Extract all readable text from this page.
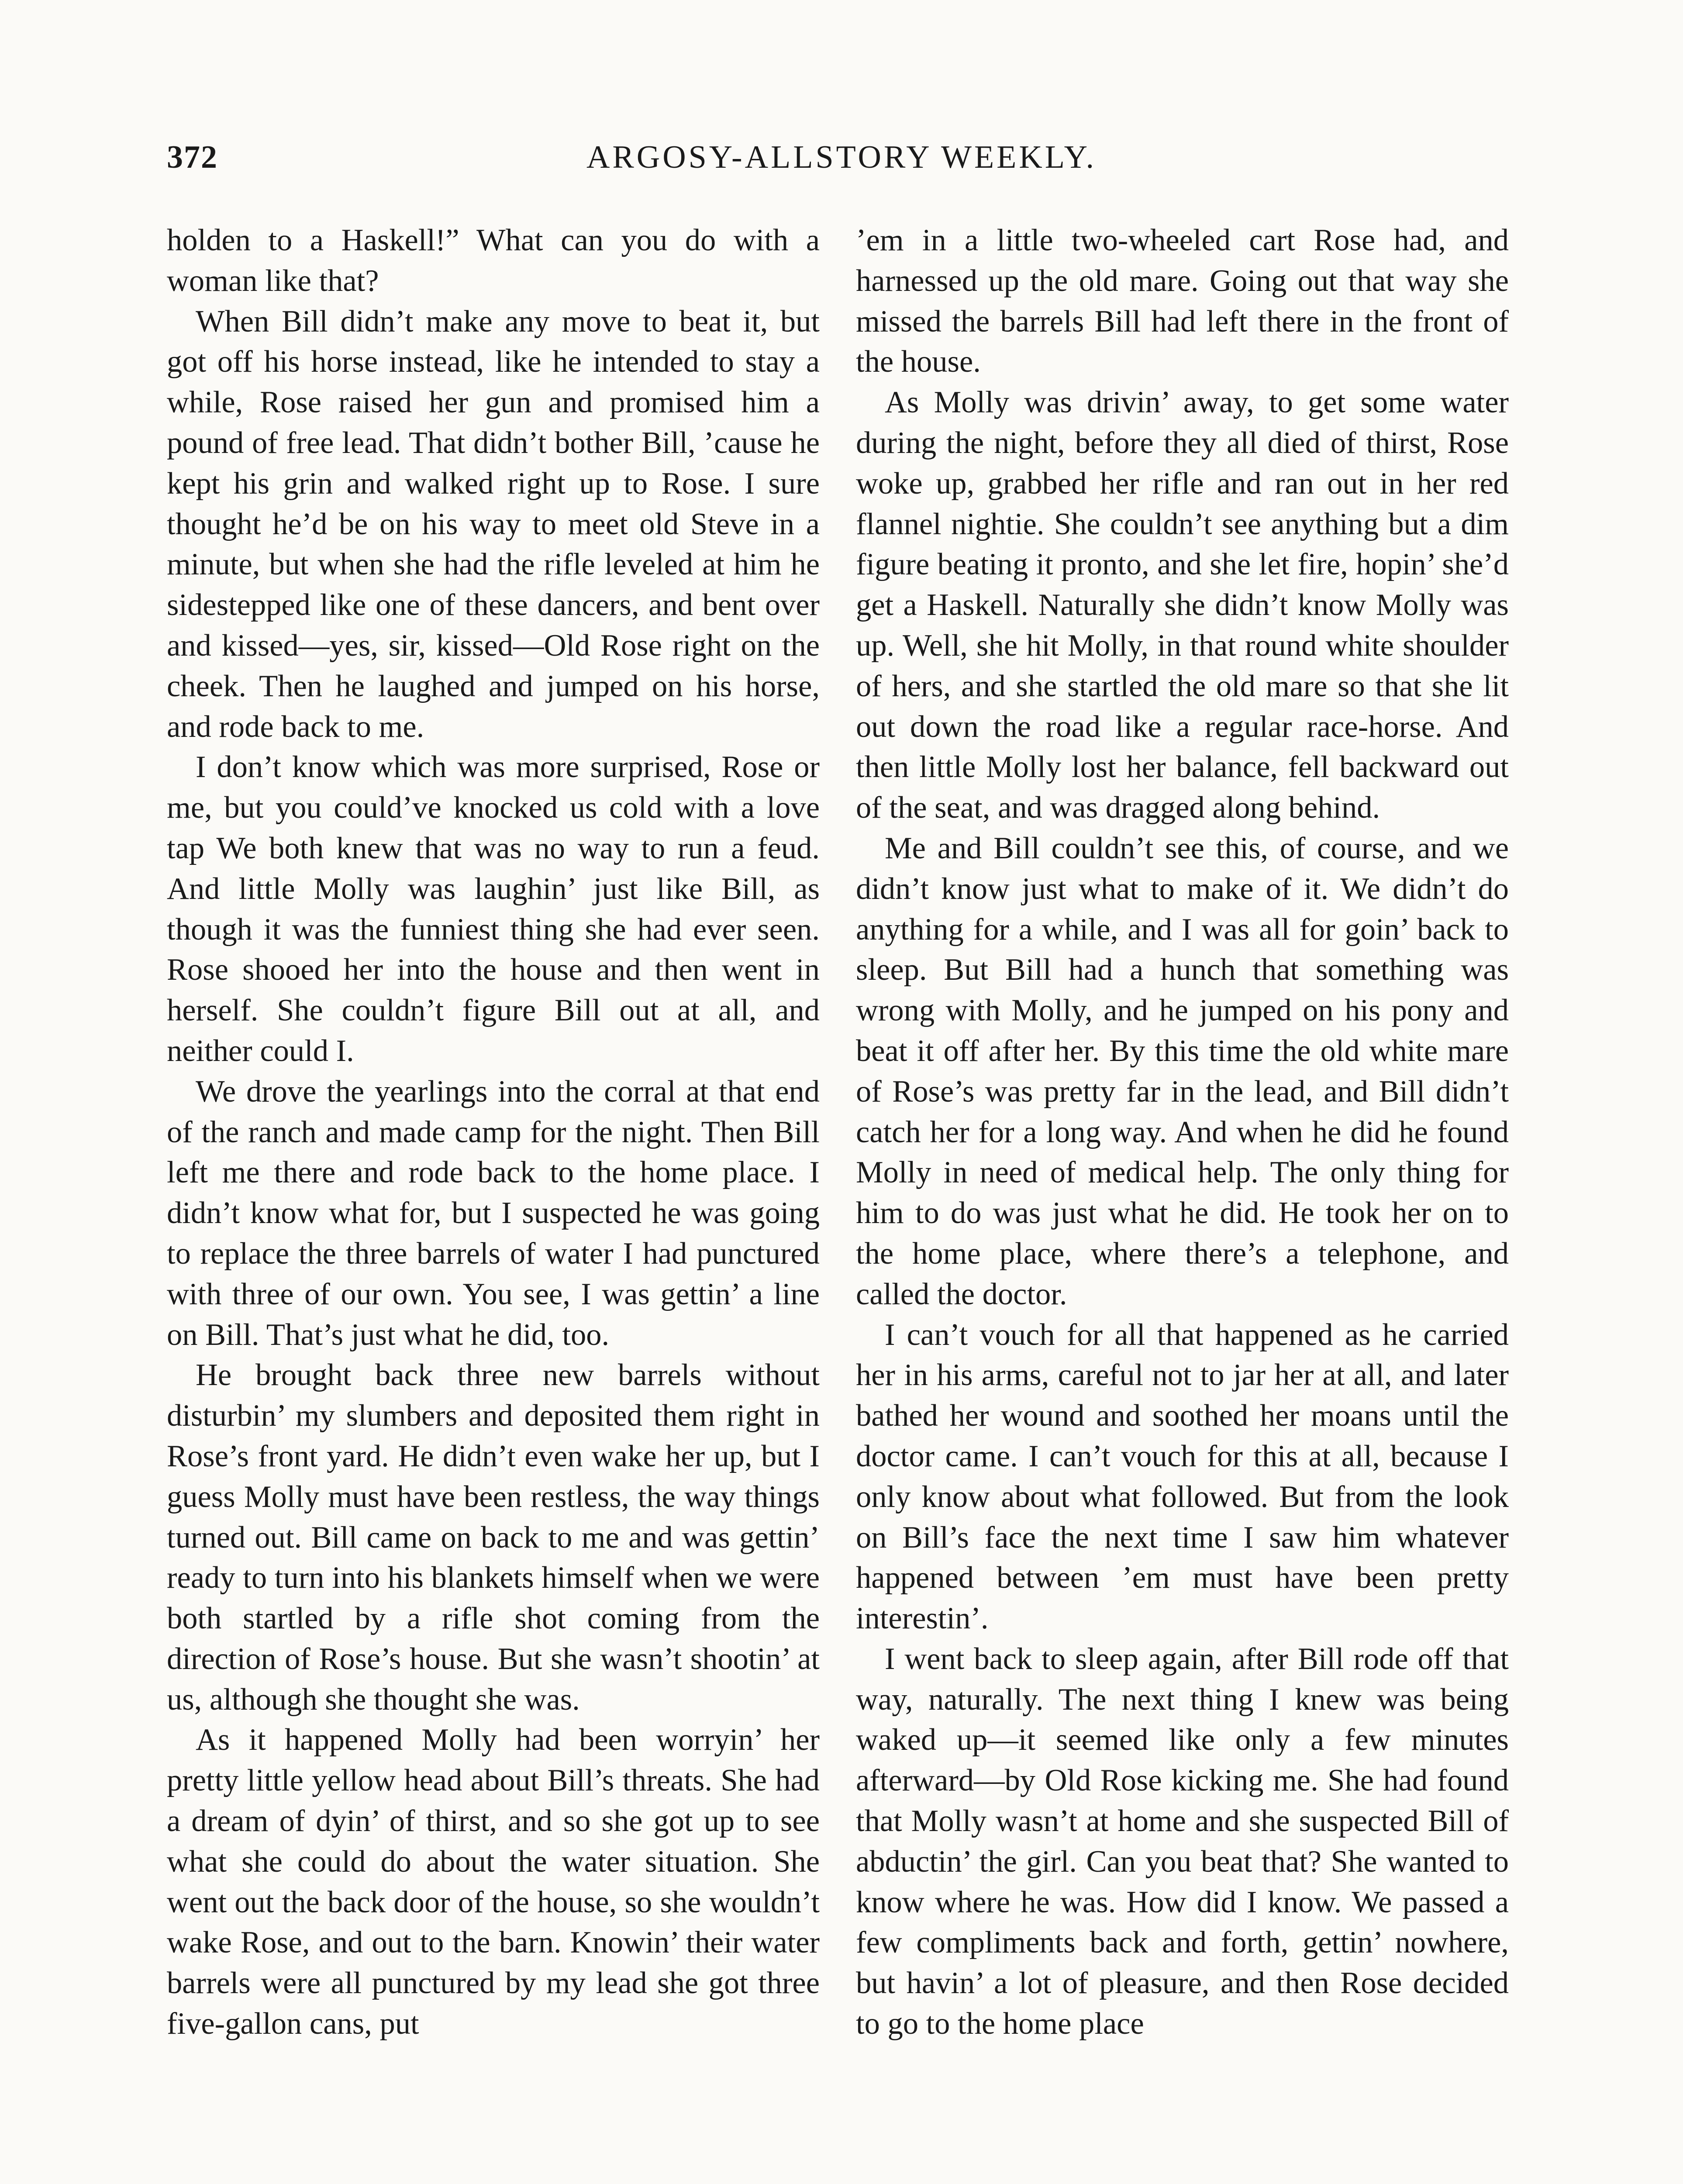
372	ARGOSY-ALLSTORY WEEKLY.

holden to a Haskell!” What can you do with a woman like that?

When Bill didn’t make any move to beat it, but got off his horse instead, like he intended to stay a while, Rose raised her gun and promised him a pound of free lead. That didn’t bother Bill, ’cause he kept his grin and walked right up to Rose. I sure thought he’d be on his way to meet old Steve in a minute, but when she had the rifle leveled at him he sidestepped like one of these dancers, and bent over and kissed—yes, sir, kissed—Old Rose right on the cheek. Then he laughed and jumped on his horse, and rode back to me.

I don’t know which was more surprised, Rose or me, but you could’ve knocked us cold with a love tap We both knew that was no way to run a feud. And little Molly was laughin’ just like Bill, as though it was the funniest thing she had ever seen. Rose shooed her into the house and then went in herself. She couldn’t figure Bill out at all, and neither could I.

We drove the yearlings into the corral at that end of the ranch and made camp for the night. Then Bill left me there and rode back to the home place. I didn’t know what for, but I suspected he was going to replace the three barrels of water I had punctured with three of our own. You see, I was gettin’ a line on Bill. That’s just what he did, too.

He brought back three new barrels without disturbin’ my slumbers and deposited them right in Rose’s front yard. He didn’t even wake her up, but I guess Molly must have been restless, the way things turned out. Bill came on back to me and was gettin’ ready to turn into his blankets himself when we were both startled by a rifle shot coming from the direction of Rose’s house. But she wasn’t shootin’ at us, although she thought she was.

As it happened Molly had been worryin’ her pretty little yellow head about Bill’s threats. She had a dream of dyin’ of thirst, and so she got up to see what she could do about the water situation. She went out the back door of the house, so she wouldn’t wake Rose, and out to the barn. Knowin’ their water barrels were all punctured by my lead she got three five-gallon cans, put

’em in a little two-wheeled cart Rose had, and harnessed up the old mare. Going out that way she missed the barrels Bill had left there in the front of the house.

As Molly was drivin’ away, to get some water during the night, before they all died of thirst, Rose woke up, grabbed her rifle and ran out in her red flannel nightie. She couldn’t see anything but a dim figure beating it pronto, and she let fire, hopin’ she’d get a Haskell. Naturally she didn’t know Molly was up. Well, she hit Molly, in that round white shoulder of hers, and she startled the old mare so that she lit out down the road like a regular race-horse. And then little Molly lost her balance, fell backward out of the seat, and was dragged along behind.

Me and Bill couldn’t see this, of course, and we didn’t know just what to make of it. We didn’t do anything for a while, and I was all for goin’ back to sleep. But Bill had a hunch that something was wrong with Molly, and he jumped on his pony and beat it off after her. By this time the old white mare of Rose’s was pretty far in the lead, and Bill didn’t catch her for a long way. And when he did he found Molly in need of medical help. The only thing for him to do was just what he did. He took her on to the home place, where there’s a telephone, and called the doctor.

I can’t vouch for all that happened as he carried her in his arms, careful not to jar her at all, and later bathed her wound and soothed her moans until the doctor came. I can’t vouch for this at all, because I only know about what followed. But from the look on Bill’s face the next time I saw him whatever happened between ’em must have been pretty interestin’.

I went back to sleep again, after Bill rode off that way, naturally. The next thing I knew was being waked up—it seemed like only a few minutes afterward—by Old Rose kicking me. She had found that Molly wasn’t at home and she suspected Bill of abductin’ the girl. Can you beat that? She wanted to know where he was. How did I know. We passed a few compliments back and forth, gettin’ nowhere, but havin’ a lot of pleasure, and then Rose decided to go to the home place
